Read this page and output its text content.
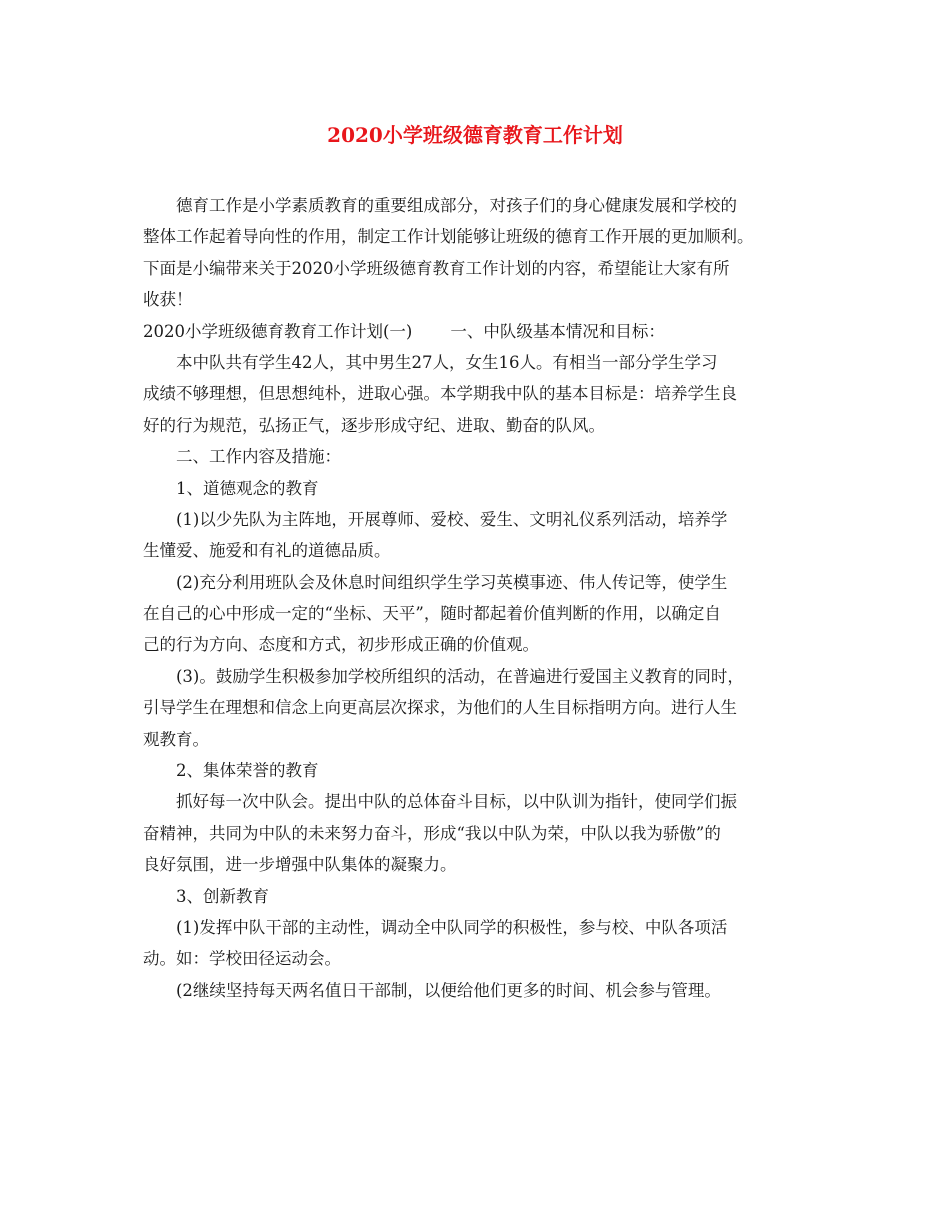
2020小学班级德育教育工作计划
德育工作是小学素质教育的重要组成部分，对孩子们的身心健康发展和学校的
整体工作起着导向性的作用，制定工作计划能够让班级的德育工作开展的更加顺利。
下面是小编带来关于2020小学班级德育教育工作计划的内容，希望能让大家有所
收获！
2020小学班级德育教育工作计划(一) 一、中队级基本情况和目标：
本中队共有学生42人，其中男生27人，女生16人。有相当一部分学生学习
成绩不够理想，但思想纯朴，进取心强。本学期我中队的基本目标是：培养学生良
好的行为规范，弘扬正气，逐步形成守纪、进取、勤奋的队风。
二、工作内容及措施：
1、道德观念的教育
(1)以少先队为主阵地，开展尊师、爱校、爱生、文明礼仪系列活动，培养学
生懂爱、施爱和有礼的道德品质。
(2)充分利用班队会及休息时间组织学生学习英模事迹、伟人传记等，使学生
在自己的心中形成一定的“坐标、天平”，随时都起着价值判断的作用，以确定自
己的行为方向、态度和方式，初步形成正确的价值观。
(3)。鼓励学生积极参加学校所组织的活动，在普遍进行爱国主义教育的同时，
引导学生在理想和信念上向更高层次探求，为他们的人生目标指明方向。进行人生
观教育。
2、集体荣誉的教育
抓好每一次中队会。提出中队的总体奋斗目标，以中队训为指针，使同学们振
奋精神，共同为中队的未来努力奋斗，形成“我以中队为荣，中队以我为骄傲”的
良好氛围，进一步增强中队集体的凝聚力。
3、创新教育
(1)发挥中队干部的主动性，调动全中队同学的积极性，参与校、中队各项活
动。如：学校田径运动会。
(2继续坚持每天两名值日干部制，以便给他们更多的时间、机会参与管理。
